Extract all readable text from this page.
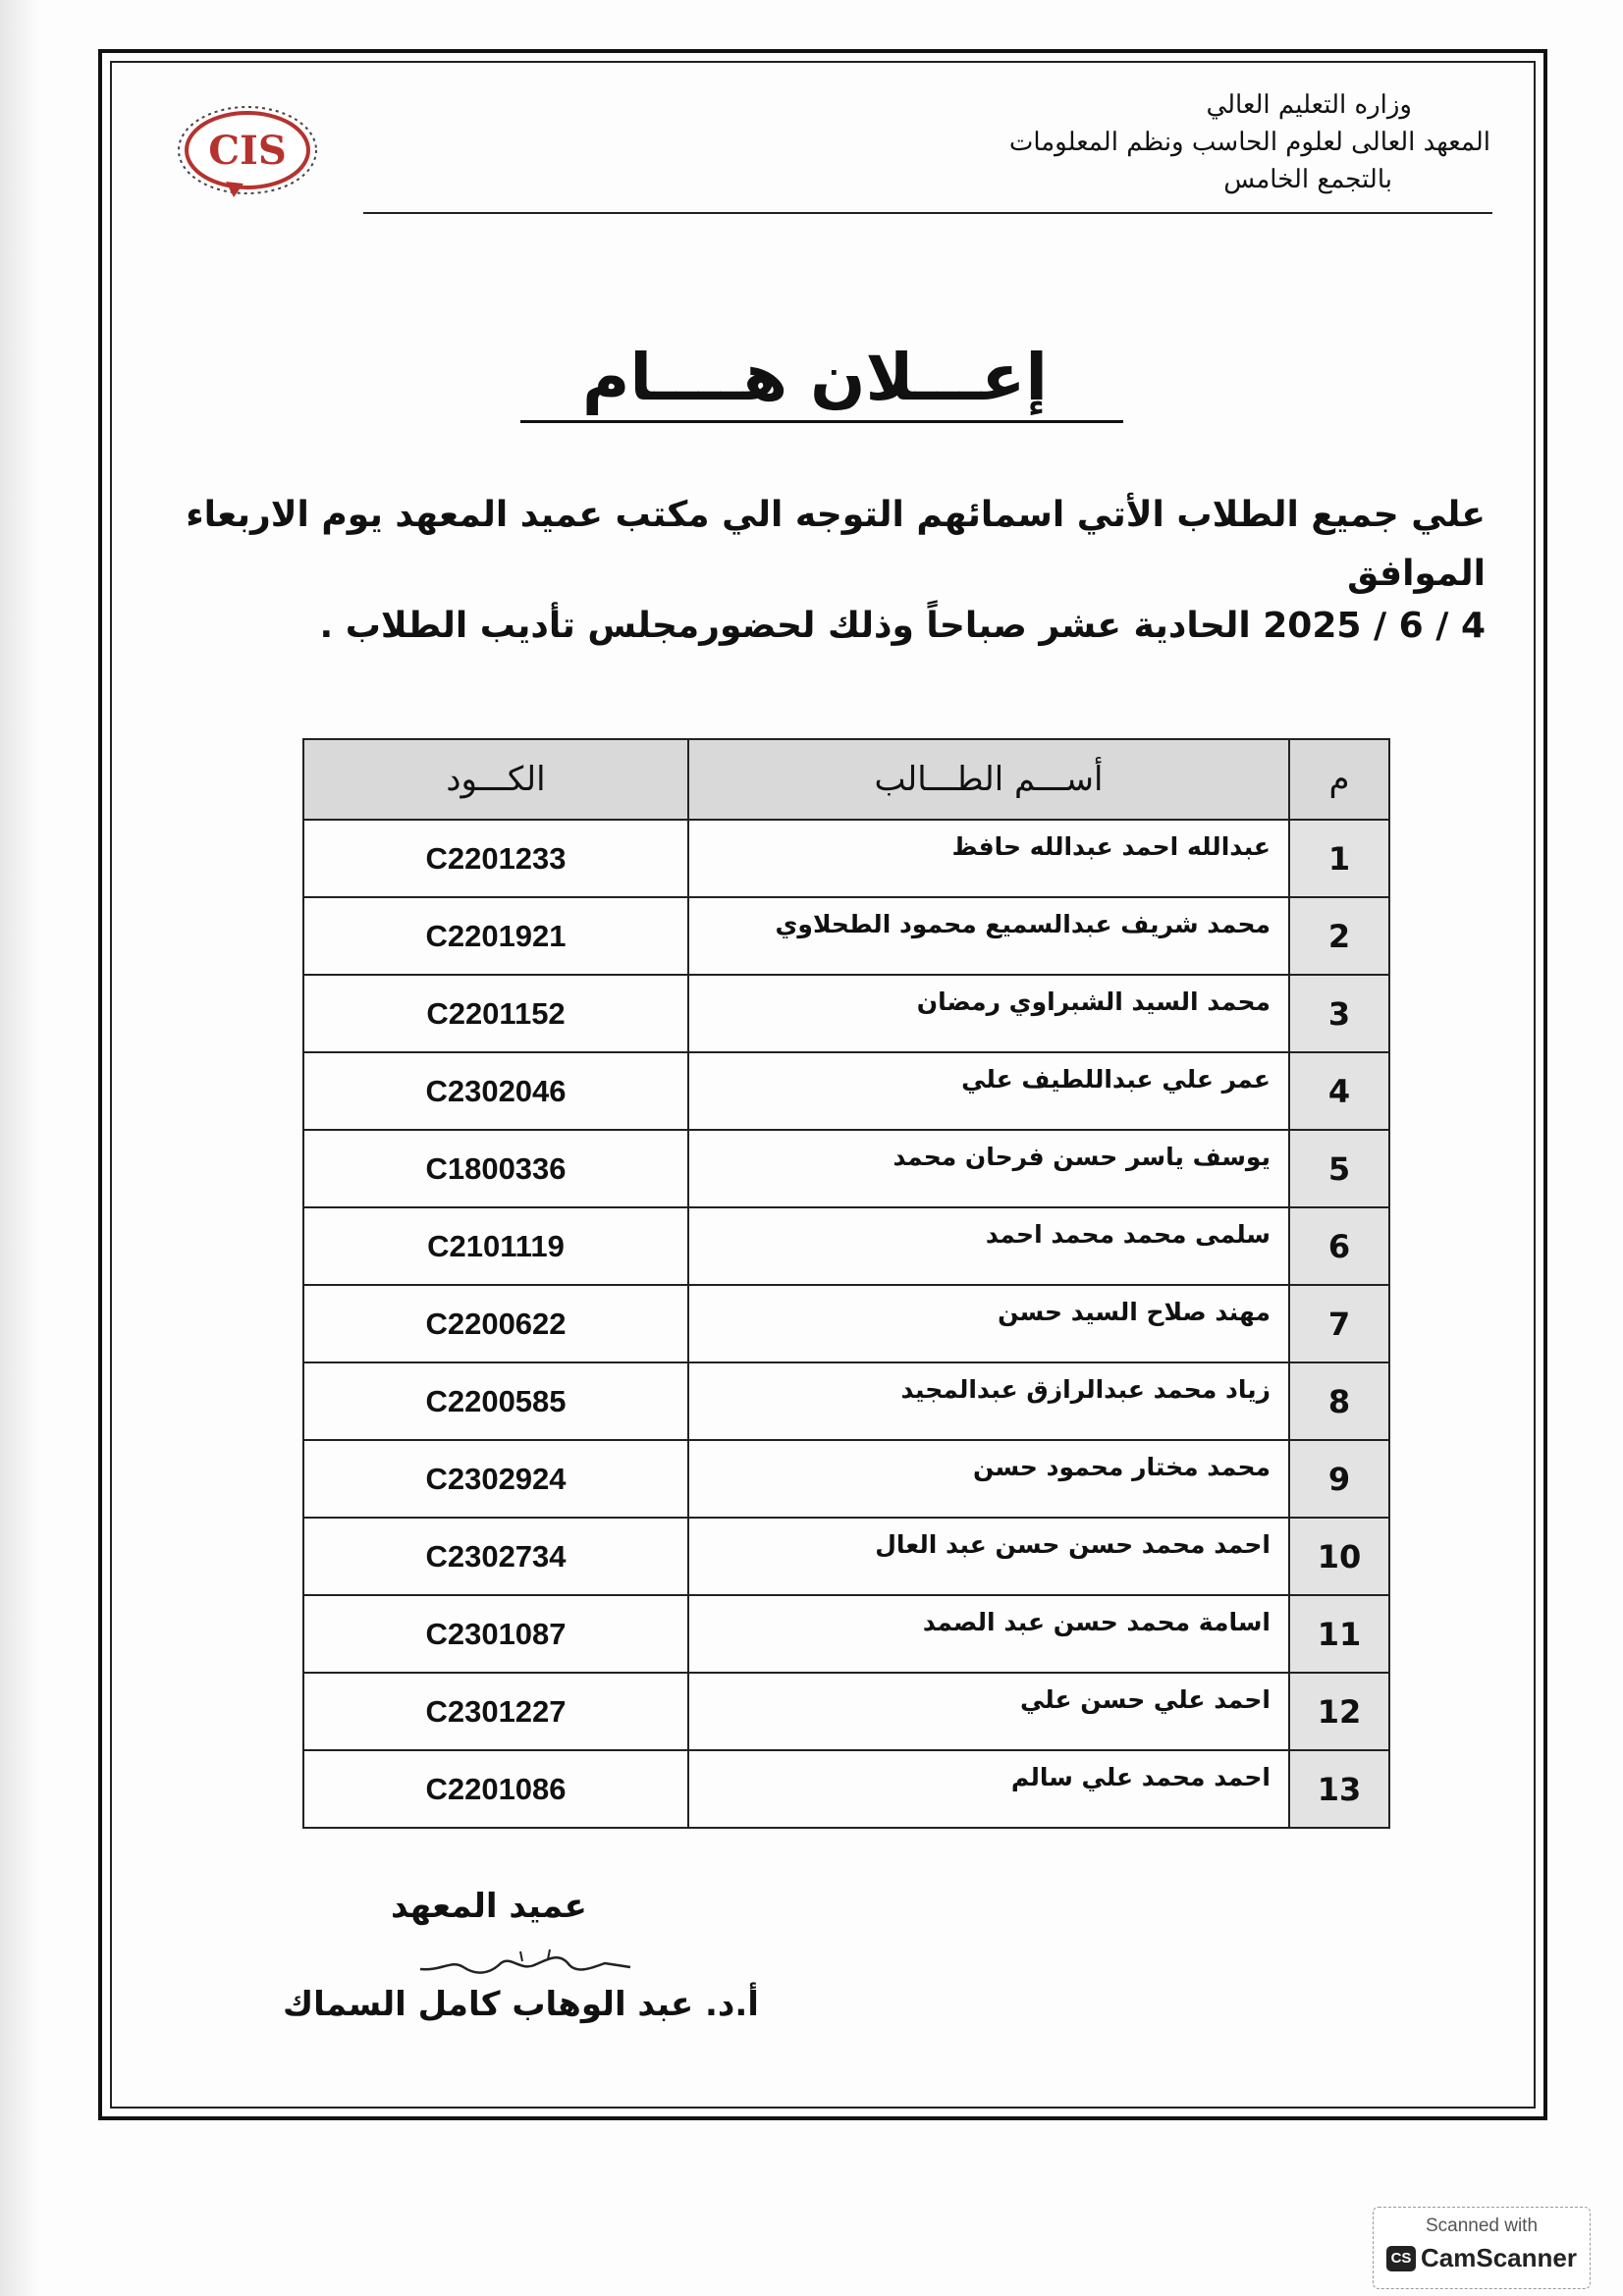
CIS
وزاره التعليم العالي
المعهد العالى لعلوم الحاسب ونظم المعلومات
بالتجمع الخامس
إعـــلان هــــام
علي جميع الطلاب الأتي اسمائهم التوجه الي مكتب عميد المعهد يوم الاربعاء الموافق
4 / 6 / 2025 الحادية عشر صباحاً وذلك لحضورمجلس تأديب الطلاب .
م	أســـم الطـــالب	الكـــود
1	عبدالله احمد عبدالله حافظ	C2201233
2	محمد شريف عبدالسميع محمود الطحلاوي	C2201921
3	محمد السيد الشبراوي رمضان	C2201152
4	عمر علي عبداللطيف علي	C2302046
5	يوسف ياسر حسن فرحان محمد	C1800336
6	سلمى محمد محمد احمد	C2101119
7	مهند صلاح السيد حسن	C2200622
8	زياد محمد عبدالرازق عبدالمجيد	C2200585
9	محمد مختار محمود حسن	C2302924
10	احمد محمد حسن حسن عبد العال	C2302734
11	اسامة محمد حسن عبد الصمد	C2301087
12	احمد علي حسن علي	C2301227
13	احمد محمد علي سالم	C2201086
عميد المعهد
أ.د. عبد الوهاب كامل السماك
Scanned with
CS CamScanner
